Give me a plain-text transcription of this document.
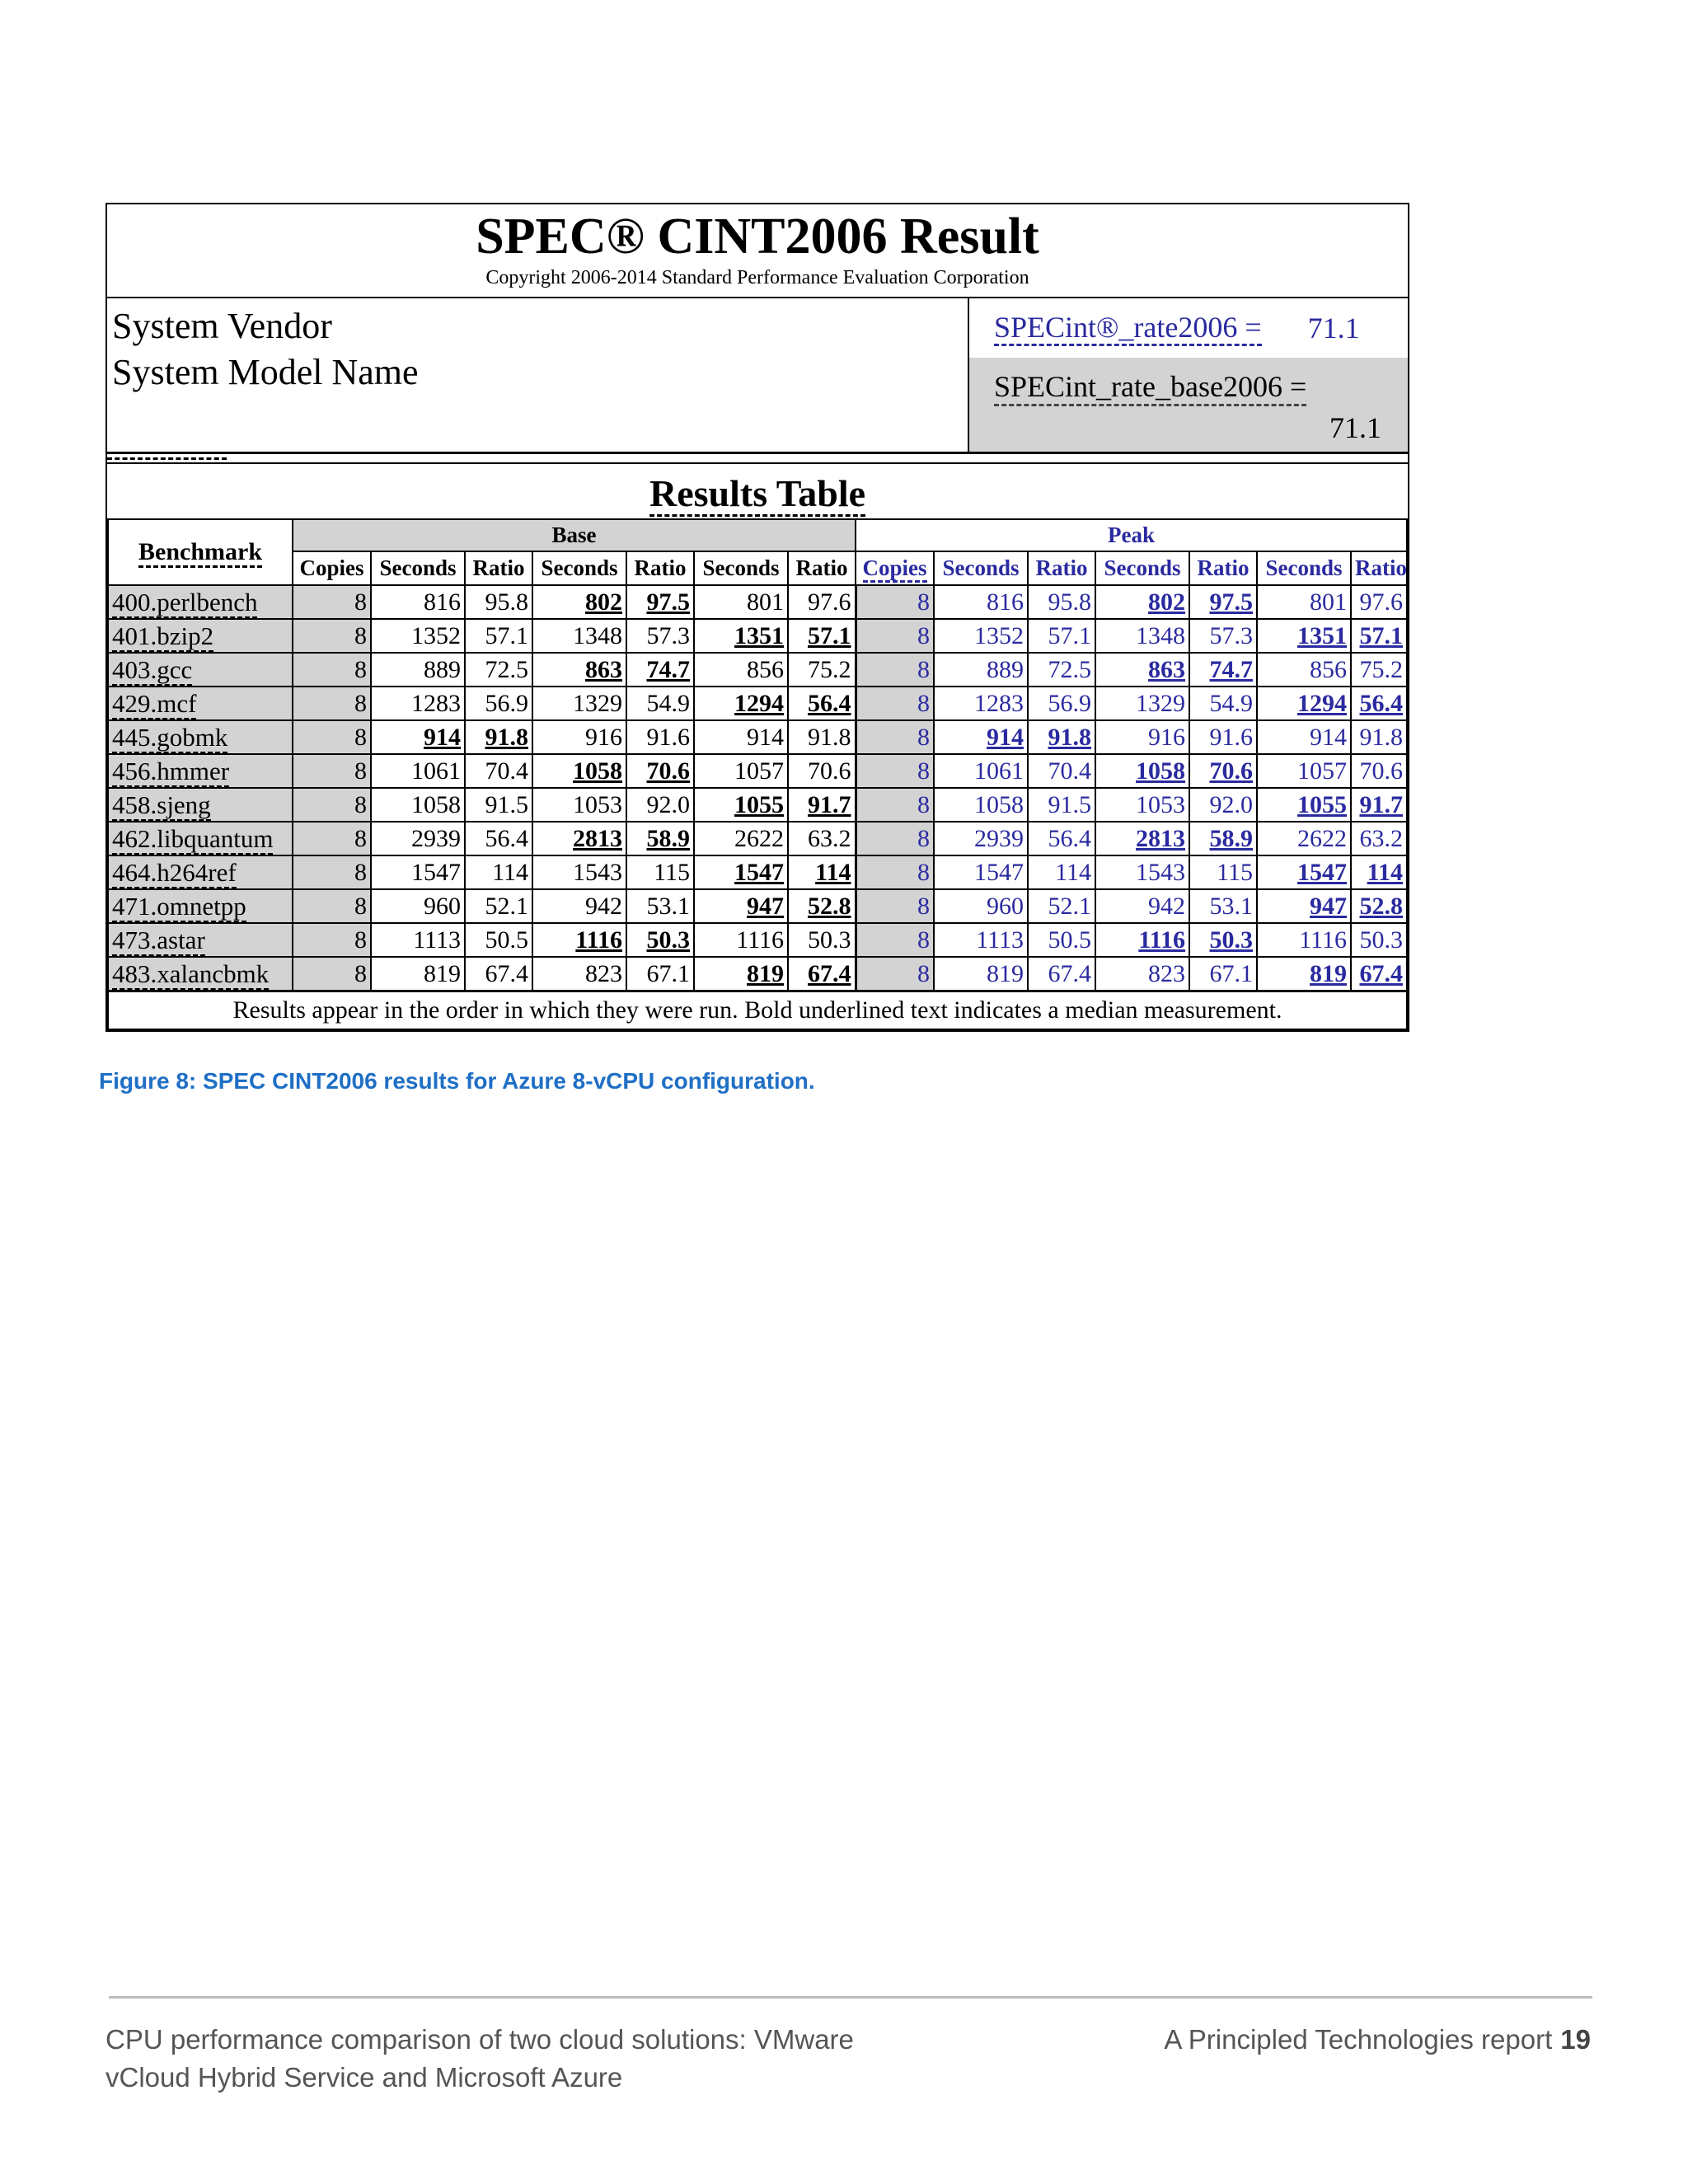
SPEC® CINT2006 Result
Copyright 2006-2014 Standard Performance Evaluation Corporation
System Vendor
System Model Name
SPECint®_rate2006 = 71.1
SPECint_rate_base2006 =
71.1
Results Table
Benchmark	Base							Peak						
	Copies	Seconds	Ratio	Seconds	Ratio	Seconds	Ratio	Copies	Seconds	Ratio	Seconds	Ratio	Seconds	Ratio
400.perlbench	8	816	95.8	802	97.5	801	97.6	8	816	95.8	802	97.5	801	97.6
401.bzip2	8	1352	57.1	1348	57.3	1351	57.1	8	1352	57.1	1348	57.3	1351	57.1
403.gcc	8	889	72.5	863	74.7	856	75.2	8	889	72.5	863	74.7	856	75.2
429.mcf	8	1283	56.9	1329	54.9	1294	56.4	8	1283	56.9	1329	54.9	1294	56.4
445.gobmk	8	914	91.8	916	91.6	914	91.8	8	914	91.8	916	91.6	914	91.8
456.hmmer	8	1061	70.4	1058	70.6	1057	70.6	8	1061	70.4	1058	70.6	1057	70.6
458.sjeng	8	1058	91.5	1053	92.0	1055	91.7	8	1058	91.5	1053	92.0	1055	91.7
462.libquantum	8	2939	56.4	2813	58.9	2622	63.2	8	2939	56.4	2813	58.9	2622	63.2
464.h264ref	8	1547	114	1543	115	1547	114	8	1547	114	1543	115	1547	114
471.omnetpp	8	960	52.1	942	53.1	947	52.8	8	960	52.1	942	53.1	947	52.8
473.astar	8	1113	50.5	1116	50.3	1116	50.3	8	1113	50.5	1116	50.3	1116	50.3
483.xalancbmk	8	819	67.4	823	67.1	819	67.4	8	819	67.4	823	67.1	819	67.4
Results appear in the order in which they were run. Bold underlined text indicates a median measurement.														
Figure 8: SPEC CINT2006 results for Azure 8-vCPU configuration.
CPU performance comparison of two cloud solutions: VMware
vCloud Hybrid Service and Microsoft Azure
A Principled Technologies report 19
